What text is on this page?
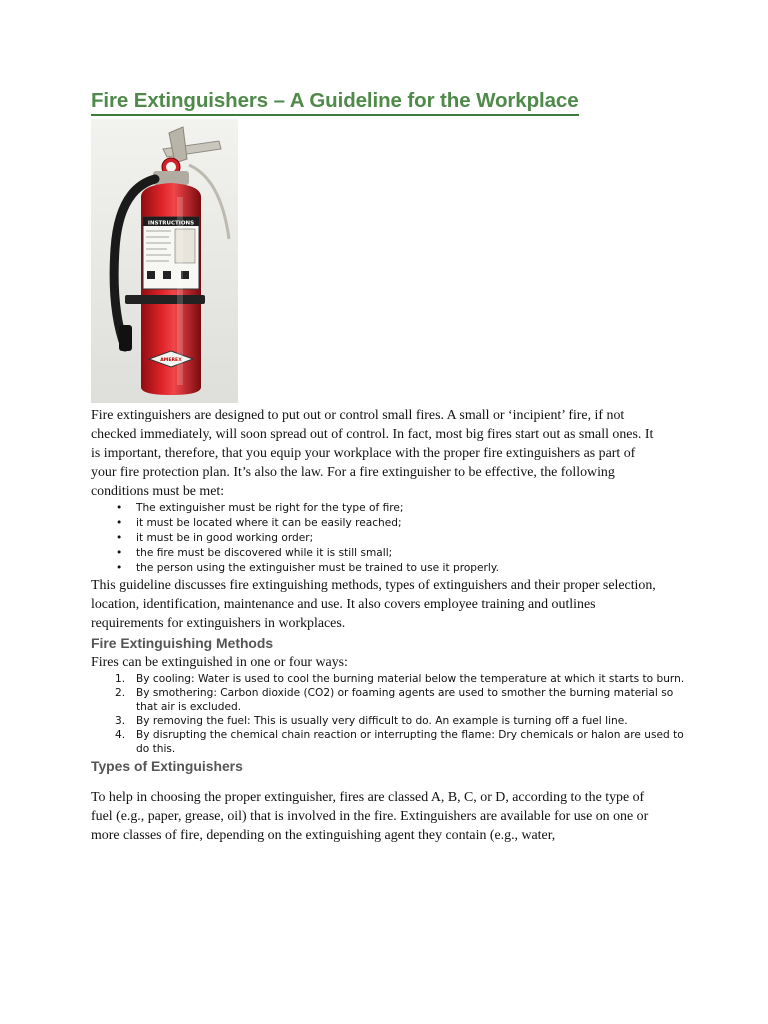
Fire Extinguishers – A Guideline for the Workplace
INSTRUCTIONS
AMEREX

Fire extinguishers are designed to put out or control small fires. A small or ‘incipient’ fire, if not checked immediately, will soon spread out of control. In fact, most big fires start out as small ones. It is important, therefore, that you equip your workplace with the proper fire extinguishers as part of your fire protection plan. It’s also the law. For a fire extinguisher to be effective, the following conditions must be met:

• The extinguisher must be right for the type of fire;
• it must be located where it can be easily reached;
• it must be in good working order;
• the fire must be discovered while it is still small;
• the person using the extinguisher must be trained to use it properly.

This guideline discusses fire extinguishing methods, types of extinguishers and their proper selection, location, identification, maintenance and use. It also covers employee training and outlines requirements for extinguishers in workplaces.

Fire Extinguishing Methods

Fires can be extinguished in one or four ways:

1. By cooling: Water is used to cool the burning material below the temperature at which it starts to burn.
2. By smothering: Carbon dioxide (CO2) or foaming agents are used to smother the burning material so that air is excluded.
3. By removing the fuel: This is usually very difficult to do. An example is turning off a fuel line.
4. By disrupting the chemical chain reaction or interrupting the flame: Dry chemicals or halon are used to do this.
Types of Extinguishers

To help in choosing the proper extinguisher, fires are classed A, B, C, or D, according to the type of fuel (e.g., paper, grease, oil) that is involved in the fire. Extinguishers are available for use on one or more classes of fire, depending on the extinguishing agent they contain (e.g., water,
